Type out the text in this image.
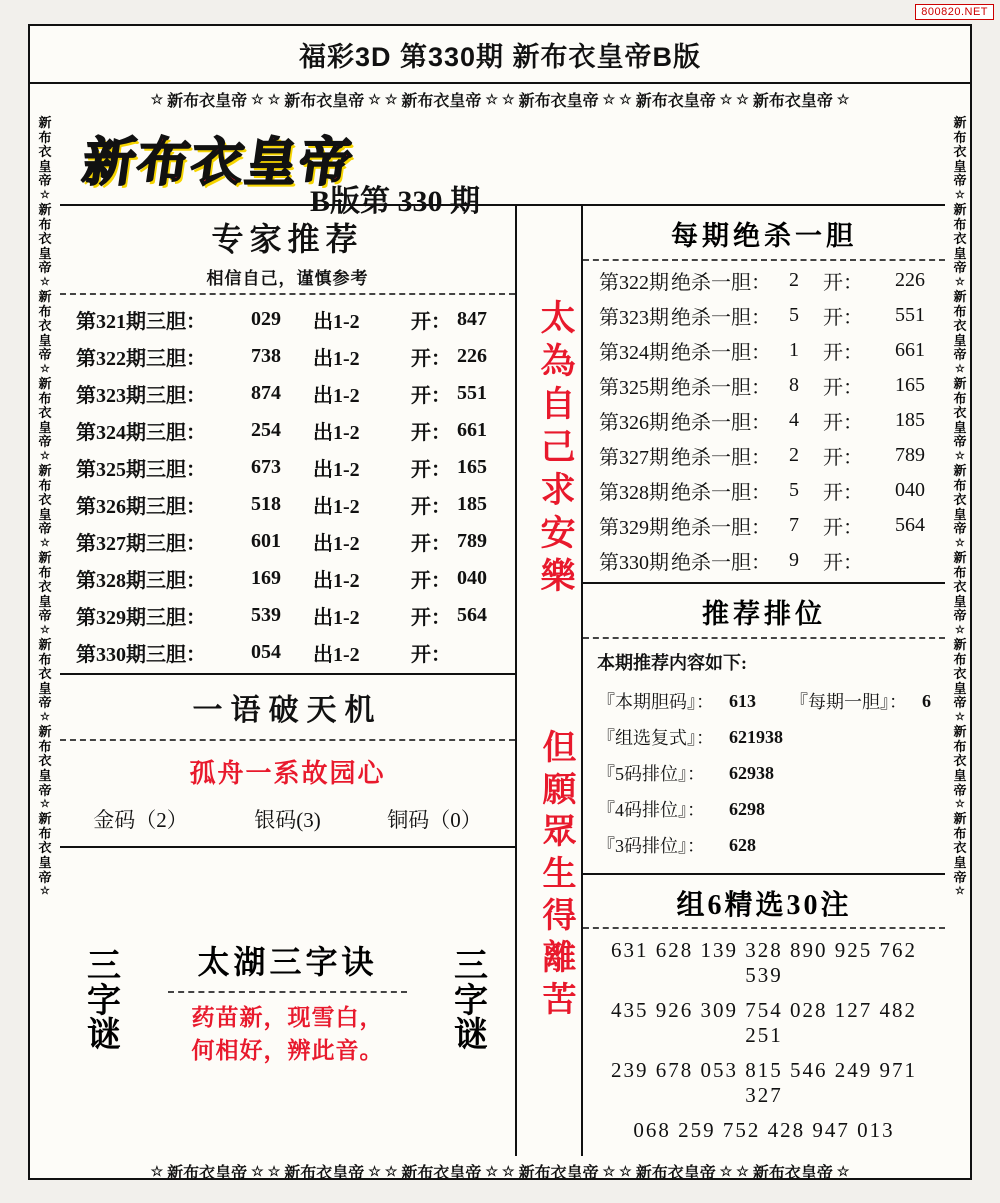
800820.NET
福彩3D 第330期 新布衣皇帝B版
☆ 新布衣皇帝 ☆ ☆ 新布衣皇帝 ☆ ☆ 新布衣皇帝 ☆ ☆ 新布衣皇帝 ☆ ☆ 新布衣皇帝 ☆ ☆ 新布衣皇帝 ☆
新
布
衣
皇
帝
☆
新
布
衣
皇
帝
☆
新
布
衣
皇
帝
☆
新
布
衣
皇
帝
☆
新
布
衣
皇
帝
☆
新
布
衣
皇
帝
☆
新
布
衣
皇
帝
☆
新
布
衣
皇
帝
☆
新
布
衣
皇
帝
☆
新布衣皇帝
B版第 330 期
专家推荐
相信自己，谨慎参考
第321期三胆：	029	出1-2	开： 847
第322期三胆：	738	出1-2	开： 226
第323期三胆：	874	出1-2	开： 551
第324期三胆：	254	出1-2	开： 661
第325期三胆：	673	出1-2	开： 165
第326期三胆：	518	出1-2	开： 185
第327期三胆：	601	出1-2	开： 789
第328期三胆：	169	出1-2	开： 040
第329期三胆：	539	出1-2	开： 564
第330期三胆：	054	出1-2	开：
一语破天机
孤舟一系故园心
金码（2）	银码(3)	铜码（0）
三
字
谜
太湖三字诀
药苗新，现雪白，
何相好，辨此音。
三
字
谜
太為自己求安樂
但願眾生得離苦
每期绝杀一胆
第322期 绝杀一胆： 2	开：	226
第323期 绝杀一胆： 5	开：	551
第324期 绝杀一胆： 1	开：	661
第325期 绝杀一胆： 8	开：	165
第326期 绝杀一胆： 4	开：	185
第327期 绝杀一胆： 2	开：	789
第328期 绝杀一胆： 5	开：	040
第329期 绝杀一胆： 7	开：	564
第330期 绝杀一胆： 9	开：
推荐排位
本期推荐内容如下:
『本期胆码』： 613	『每期一胆』： 6
『组选复式』： 621938
『5码排位』：	62938
『4码排位』：	6298
『3码排位』：	628
组6精选30注
631 628 139 328 890 925 762 539
435 926 309 754 028 127 482 251
239 678 053 815 546 249 971 327
068 259 752 428 947 013
新
布
衣
皇
帝
☆
新
布
衣
皇
帝
☆
新
布
衣
皇
帝
☆
新
布
衣
皇
帝
☆
新
布
衣
皇
帝
☆
新
布
衣
皇
帝
☆
新
布
衣
皇
帝
☆
新
布
衣
皇
帝
☆
新
布
衣
皇
帝
☆
☆ 新布衣皇帝 ☆ ☆ 新布衣皇帝 ☆ ☆ 新布衣皇帝 ☆ ☆ 新布衣皇帝 ☆ ☆ 新布衣皇帝 ☆ ☆ 新布衣皇帝 ☆
